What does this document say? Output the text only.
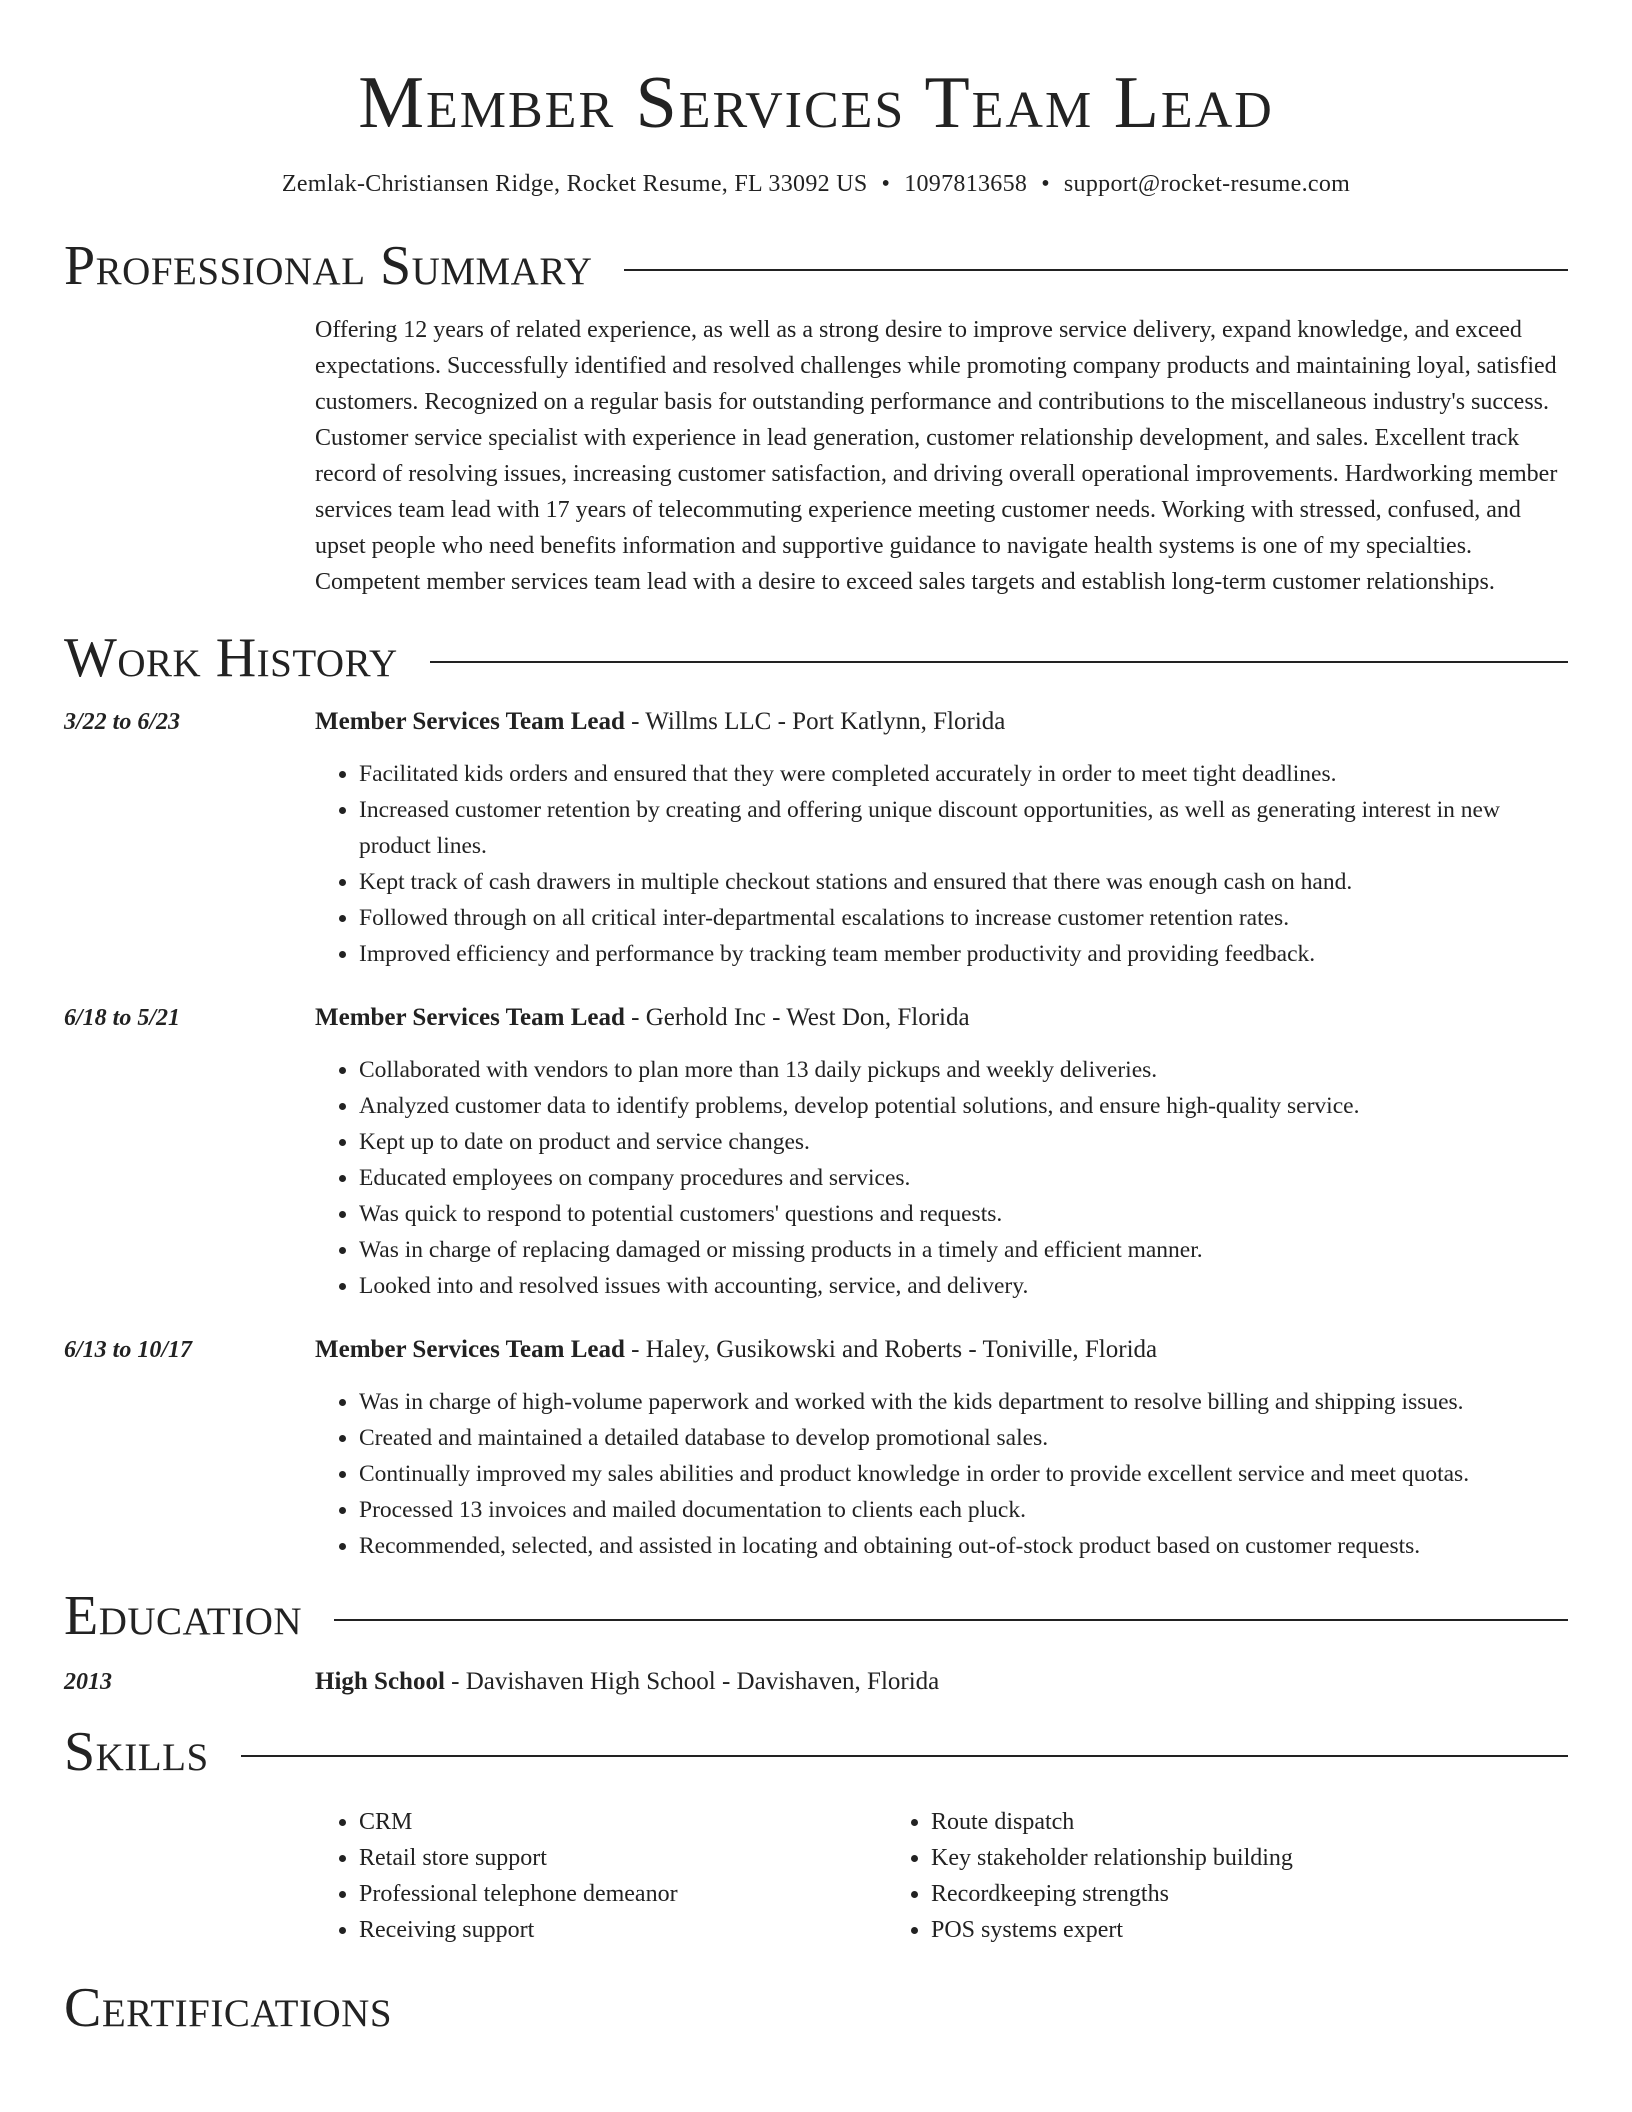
Member Services Team Lead
Zemlak-Christiansen Ridge, Rocket Resume, FL 33092 US • 1097813658 • support@rocket-resume.com
Professional Summary
Offering 12 years of related experience, as well as a strong desire to improve service delivery, expand knowledge, and exceed expectations. Successfully identified and resolved challenges while promoting company products and maintaining loyal, satisfied customers. Recognized on a regular basis for outstanding performance and contributions to the miscellaneous industry's success. Customer service specialist with experience in lead generation, customer relationship development, and sales. Excellent track record of resolving issues, increasing customer satisfaction, and driving overall operational improvements. Hardworking member services team lead with 17 years of telecommuting experience meeting customer needs. Working with stressed, confused, and upset people who need benefits information and supportive guidance to navigate health systems is one of my specialties. Competent member services team lead with a desire to exceed sales targets and establish long-term customer relationships.
Work History
3/22 to 6/23	Member Services Team Lead - Willms LLC - Port Katlynn, Florida
• Facilitated kids orders and ensured that they were completed accurately in order to meet tight deadlines.
• Increased customer retention by creating and offering unique discount opportunities, as well as generating interest in new product lines.
• Kept track of cash drawers in multiple checkout stations and ensured that there was enough cash on hand.
• Followed through on all critical inter-departmental escalations to increase customer retention rates.
• Improved efficiency and performance by tracking team member productivity and providing feedback.
6/18 to 5/21	Member Services Team Lead - Gerhold Inc - West Don, Florida
• Collaborated with vendors to plan more than 13 daily pickups and weekly deliveries.
• Analyzed customer data to identify problems, develop potential solutions, and ensure high-quality service.
• Kept up to date on product and service changes.
• Educated employees on company procedures and services.
• Was quick to respond to potential customers' questions and requests.
• Was in charge of replacing damaged or missing products in a timely and efficient manner.
• Looked into and resolved issues with accounting, service, and delivery.
6/13 to 10/17	Member Services Team Lead - Haley, Gusikowski and Roberts - Toniville, Florida
• Was in charge of high-volume paperwork and worked with the kids department to resolve billing and shipping issues.
• Created and maintained a detailed database to develop promotional sales.
• Continually improved my sales abilities and product knowledge in order to provide excellent service and meet quotas.
• Processed 13 invoices and mailed documentation to clients each pluck.
• Recommended, selected, and assisted in locating and obtaining out-of-stock product based on customer requests.
Education
2013	High School - Davishaven High School - Davishaven, Florida
Skills
• CRM
• Retail store support
• Professional telephone demeanor
• Receiving support
• Route dispatch
• Key stakeholder relationship building
• Recordkeeping strengths
• POS systems expert
Certifications
